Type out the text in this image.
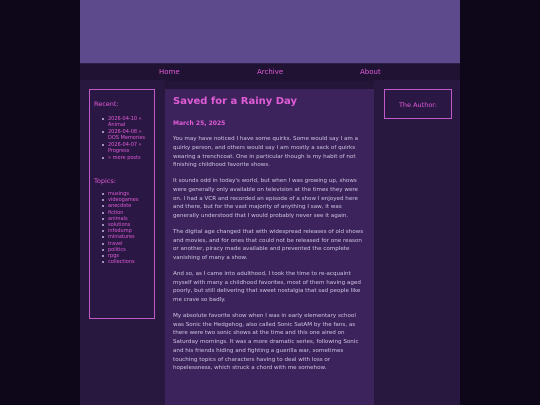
Home	Archive	About
Recent:
2026-04-10 »
Animal
2026-04-08 »
DOS Memories
2026-04-07 »
Progress
» more posts
Topics:
musings
videogames
anecdote
fiction
animals
solutions
infodump
miniatures
travel
politics
rpgs
collections
Saved for a Rainy Day
March 25, 2025

You may have noticed I have some quirks. Some would say I am a quirky person, and others would say I am mostly a sack of quirks wearing a trenchcoat. One in particular though is my habit of not finishing childhood favorite shows.

It sounds odd in today's world, but when I was growing up, shows were generally only available on television at the times they were on. I had a VCR and recorded an episode of a show I enjoyed here and there, but for the vast majority of anything I saw, it was generally understood that I would probably never see it again.

The digital age changed that with widespread releases of old shows and movies, and for ones that could not be released for one reason or another, piracy made available and prevented the complete vanishing of many a show.

And so, as I came into adulthood, I took the time to re-acquaint myself with many a childhood favorites, most of them having aged poorly, but still delivering that sweet nostalgia that sad people like me crave so badly.

My absolute favorite show when I was in early elementary school was Sonic the Hedgehog, also called Sonic SatAM by the fans, as there were two sonic shows at the time and this one aired on Saturday mornings. It was a more dramatic series, following Sonic and his friends hiding and fighting a guerilla war, sometimes touching topics of characters having to deal with loss or hopelessness, which struck a chord with me somehow.

The Author:
